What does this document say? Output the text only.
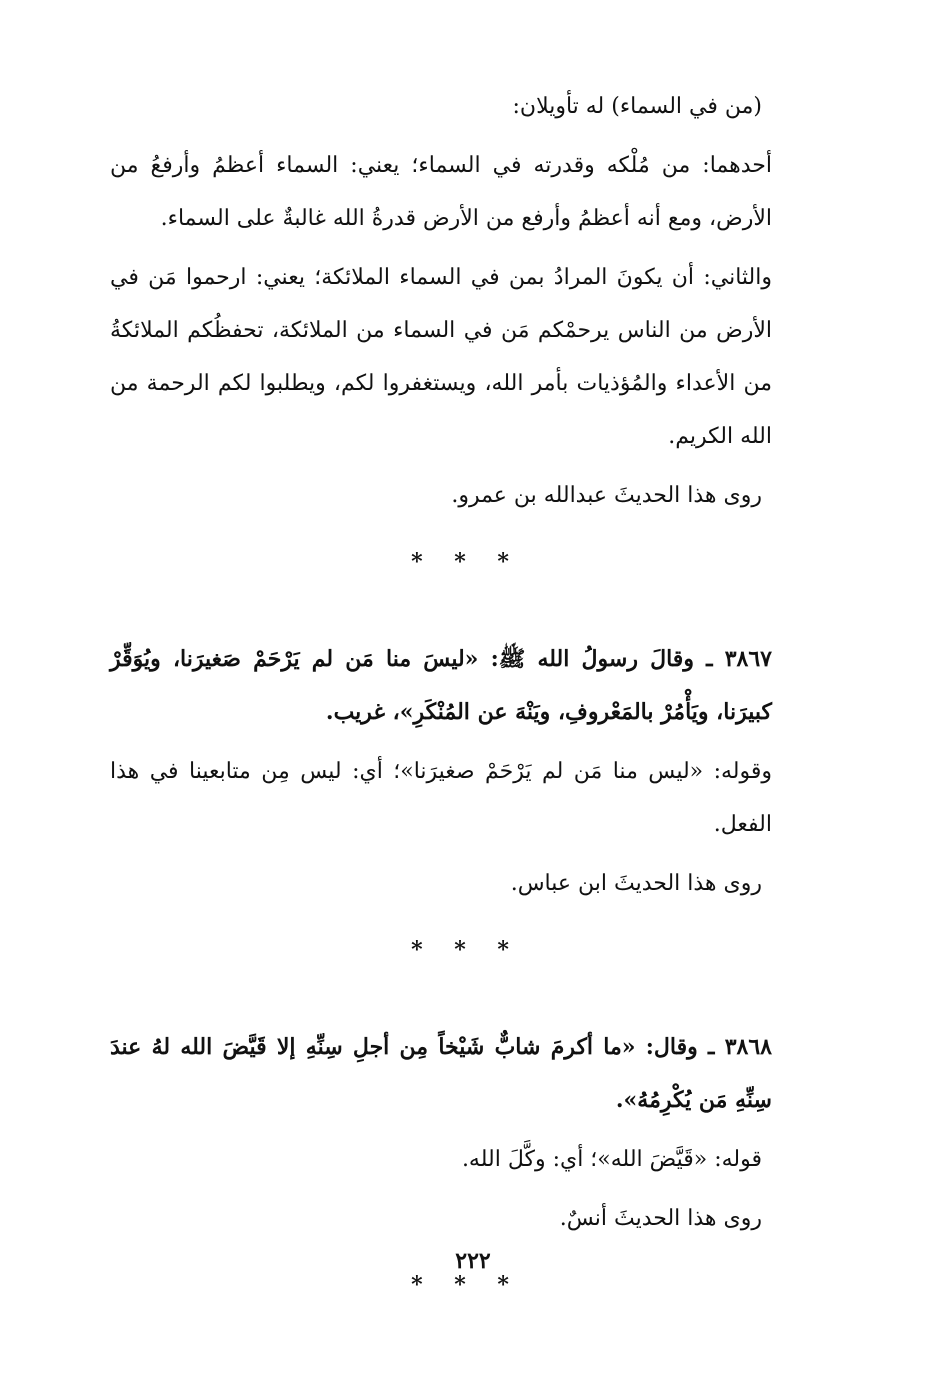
(من في السماء) له تأويلان:

أحدهما: من مُلْكه وقدرته في السماء؛ يعني: السماء أعظمُ وأرفعُ من الأرض، ومع أنه أعظمُ وأرفع من الأرض قدرةُ الله غالبةٌ على السماء.

والثاني: أن يكونَ المرادُ بمن في السماء الملائكة؛ يعني: ارحموا مَن في الأرض من الناس يرحمْكم مَن في السماء من الملائكة، تحفظُكم الملائكةُ من الأعداء والمُؤذيات بأمر الله، ويستغفروا لكم، ويطلبوا لكم الرحمة من الله الكريم.

روى هذا الحديثَ عبدالله بن عمرو.

* * *

٣٨٦٧ ـ وقالَ رسولُ الله ﷺ: «ليسَ منا مَن لم يَرْحَمْ صَغيرَنا، ويُوَقِّرْ كبيرَنا، ويَأْمُرْ بالمَعْروفِ، ويَنْهَ عن المُنْكَرِ»، غريب.

وقوله: «ليس منا مَن لم يَرْحَمْ صغيرَنا»؛ أي: ليس مِن متابعينا في هذا الفعل.

روى هذا الحديثَ ابن عباس.

* * *

٣٨٦٨ ـ وقال: «ما أكرمَ شابٌّ شَيْخاً مِن أجلِ سِنِّهِ إلا قَيَّضَ الله لهُ عندَ سِنِّهِ مَن يُكْرِمُهُ».

قوله: «قَيَّضَ الله»؛ أي: وكَّلَ الله.

روى هذا الحديثَ أنسٌ.

* * *
٢٢٢
